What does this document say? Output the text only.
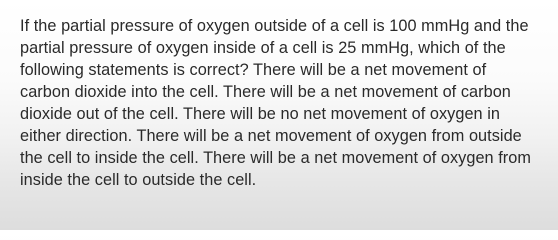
If the partial pressure of oxygen outside of a cell is 100 mmHg and the partial pressure of oxygen inside of a cell is 25 mmHg, which of the following statements is correct? There will be a net movement of carbon dioxide into the cell. There will be a net movement of carbon dioxide out of the cell. There will be no net movement of oxygen in either direction. There will be a net movement of oxygen from outside the cell to inside the cell. There will be a net movement of oxygen from inside the cell to outside the cell.
